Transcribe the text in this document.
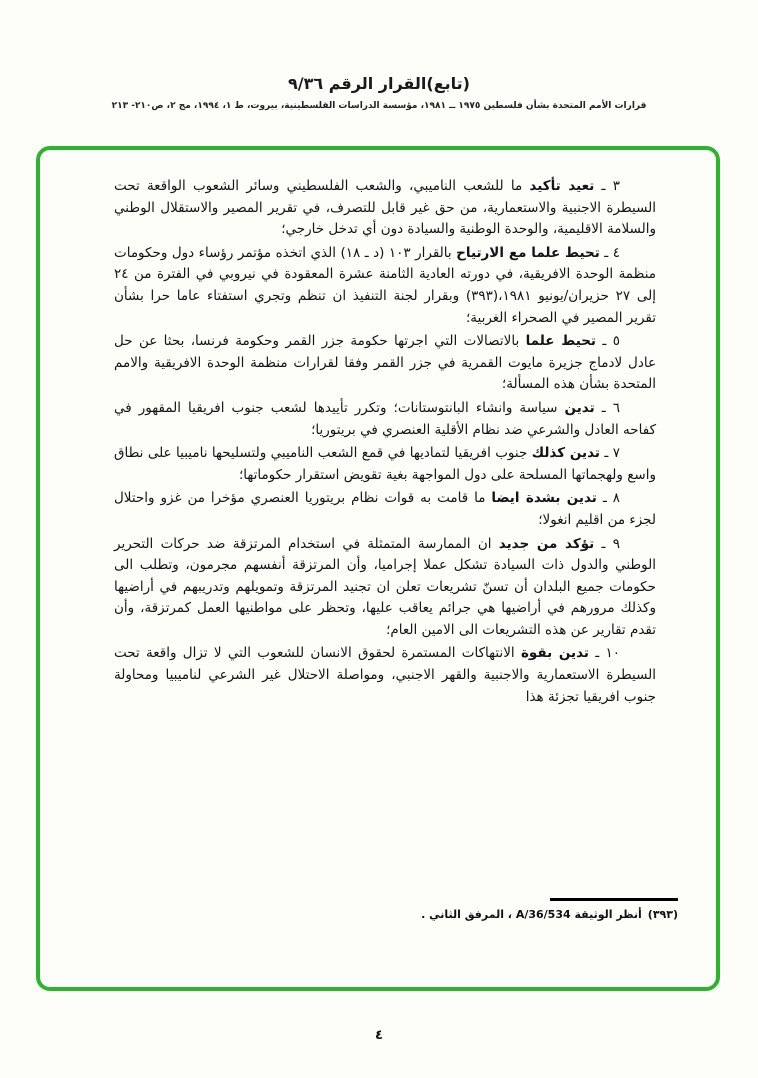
(تابع)القرار الرقم ٩/٣٦
قرارات الأمم المتحدة بشأن فلسطين ١٩٧٥ ــ ١٩٨١، مؤسسة الدراسات الفلسطينية، بيروت، ط ١، ١٩٩٤، مج ٢، ص٢١٠- ٢١٣

٣ ـ تعيد تأكيد ما للشعب الناميبي، والشعب الفلسطيني وسائر الشعوب الواقعة تحت السيطرة الاجنبية والاستعمارية، من حق غير قابل للتصرف، في تقرير المصير والاستقلال الوطني والسلامة الاقليمية، والوحدة الوطنية والسيادة دون أي تدخل خارجي؛

٤ ـ تحيط علما مع الارتياح بالقرار ١٠٣ (د ـ ١٨) الذي اتخذه مؤتمر رؤساء دول وحكومات منظمة الوحدة الافريقية، في دورته العادية الثامنة عشرة المعقودة في نيروبي في الفترة من ٢٤ إلى ٢٧ حزيران/يونيو ١٩٨١،(٣٩٣) وبقرار لجنة التنفيذ ان تنظم وتجري استفتاء عاما حرا بشأن تقرير المصير في الصحراء الغربية؛

٥ ـ تحيط علما بالاتصالات التي اجرتها حكومة جزر القمر وحكومة فرنسا، بحثا عن حل عادل لادماج جزيرة مايوت القمرية في جزر القمر وفقا لقرارات منظمة الوحدة الافريقية والامم المتحدة بشأن هذه المسألة؛

٦ ـ تدين سياسة وانشاء البانتوستانات؛ وتكرر تأييدها لشعب جنوب افريقيا المقهور في كفاحه العادل والشرعي ضد نظام الأقلية العنصري في بريتوريا؛

٧ ـ تدين كذلك جنوب افريقيا لتماديها في قمع الشعب الناميبي ولتسليحها ناميبيا على نطاق واسع ولهجماتها المسلحة على دول المواجهة بغية تقويض استقرار حكوماتها؛

٨ ـ تدين بشدة ايضا ما قامت به قوات نظام بريتوريا العنصري مؤخرا من غزو واحتلال لجزء من اقليم انغولا؛

٩ ـ تؤكد من جديد ان الممارسة المتمثلة في استخدام المرتزقة ضد حركات التحرير الوطني والدول ذات السيادة تشكل عملا إجراميا، وأن المرتزقة أنفسهم مجرمون، وتطلب الى حكومات جميع البلدان أن تسنّ تشريعات تعلن ان تجنيد المرتزقة وتمويلهم وتدريبهم في أراضيها وكذلك مرورهم في أراضيها هي جرائم يعاقب عليها، وتحظر على مواطنيها العمل كمرتزقة، وأن تقدم تقارير عن هذه التشريعات الى الامين العام؛

١٠ ـ تدين بقوة الانتهاكات المستمرة لحقوق الانسان للشعوب التي لا تزال واقعة تحت السيطرة الاستعمارية والاجنبية والقهر الاجنبي، ومواصلة الاحتلال غير الشرعي لناميبيا ومحاولة جنوب افريقيا تجزئة هذا

(٣٩٣)أنظر الوثيقة A/36/534 ، المرفق الثاني .
٤
